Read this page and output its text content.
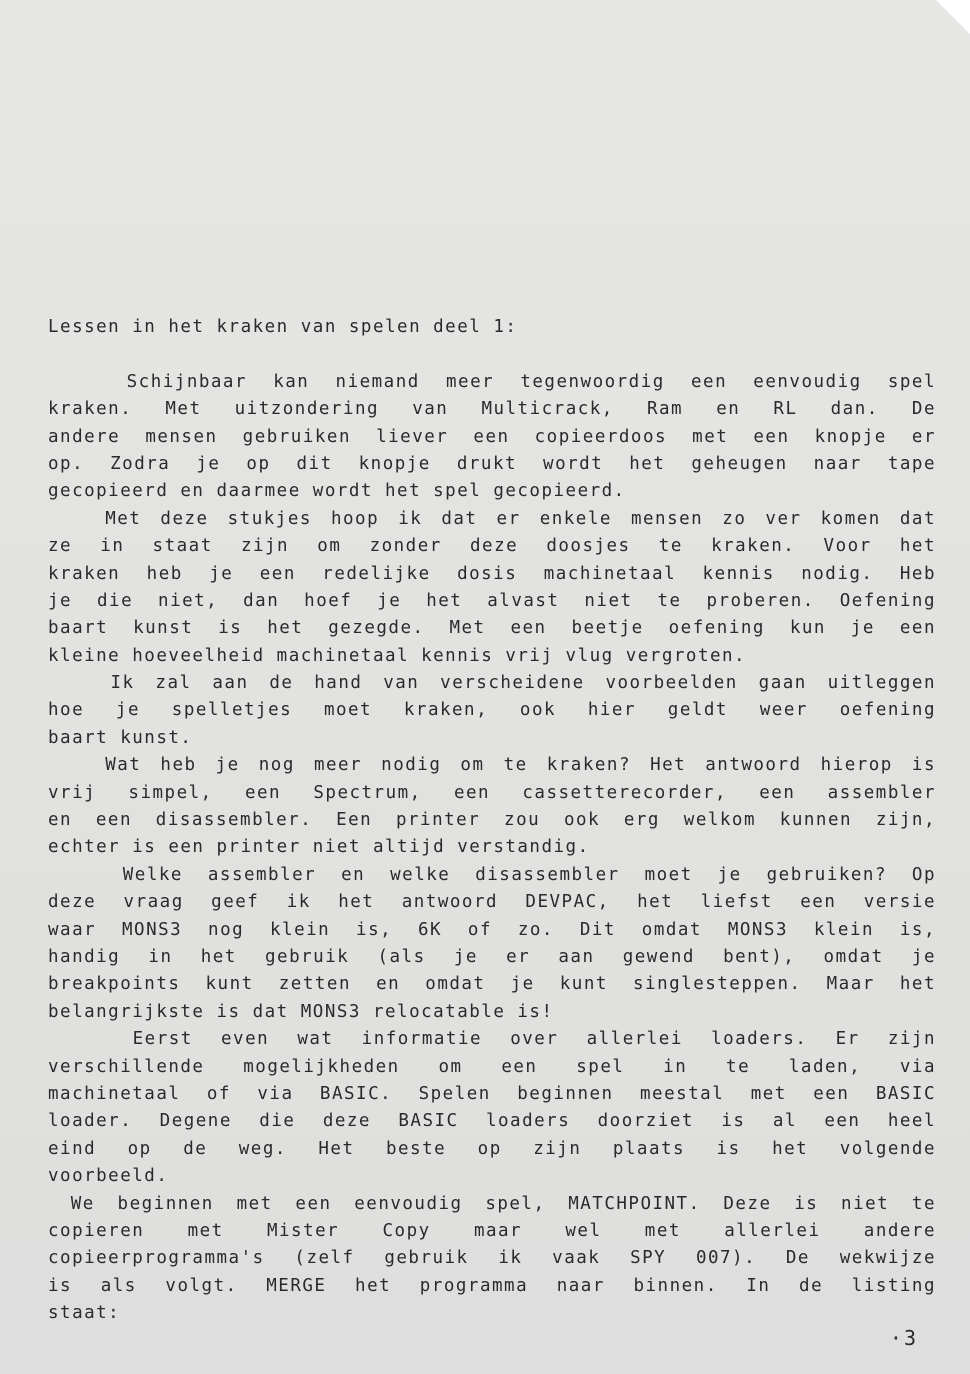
Lessen in het kraken van spelen deel 1:
Schijnbaar kan niemand meer tegenwoordig een eenvoudig spel
kraken. Met uitzondering van Multicrack, Ram en RL dan. De
andere mensen gebruiken liever een copieerdoos met een knopje er
op. Zodra je op dit knopje drukt wordt het geheugen naar tape
gecopieerd en daarmee wordt het spel gecopieerd.
Met deze stukjes hoop ik dat er enkele mensen zo ver komen dat
ze in staat zijn om zonder deze doosjes te kraken. Voor het
kraken heb je een redelijke dosis machinetaal kennis nodig. Heb
je die niet, dan hoef je het alvast niet te proberen. Oefening
baart kunst is het gezegde. Met een beetje oefening kun je een
kleine hoeveelheid machinetaal kennis vrij vlug vergroten.
Ik zal aan de hand van verscheidene voorbeelden gaan uitleggen
hoe je spelletjes moet kraken, ook hier geldt weer oefening
baart kunst.
Wat heb je nog meer nodig om te kraken? Het antwoord hierop is
vrij simpel, een Spectrum, een cassetterecorder, een assembler
en een disassembler. Een printer zou ook erg welkom kunnen zijn,
echter is een printer niet altijd verstandig.
Welke assembler en welke disassembler moet je gebruiken? Op
deze vraag geef ik het antwoord DEVPAC, het liefst een versie
waar MONS3 nog klein is, 6K of zo. Dit omdat MONS3 klein is,
handig in het gebruik (als je er aan gewend bent), omdat je
breakpoints kunt zetten en omdat je kunt singlesteppen. Maar het
belangrijkste is dat MONS3 relocatable is!
Eerst even wat informatie over allerlei loaders. Er zijn
verschillende mogelijkheden om een spel in te laden, via
machinetaal of via BASIC. Spelen beginnen meestal met een BASIC
loader. Degene die deze BASIC loaders doorziet is al een heel
eind op de weg. Het beste op zijn plaats is het volgende
voorbeeld.
We beginnen met een eenvoudig spel, MATCHPOINT. Deze is niet te
copieren met Mister Copy maar wel met allerlei andere
copieerprogramma's (zelf gebruik ik vaak SPY 007). De wekwijze
is als volgt. MERGE het programma naar binnen. In de listing
staat:
·3
